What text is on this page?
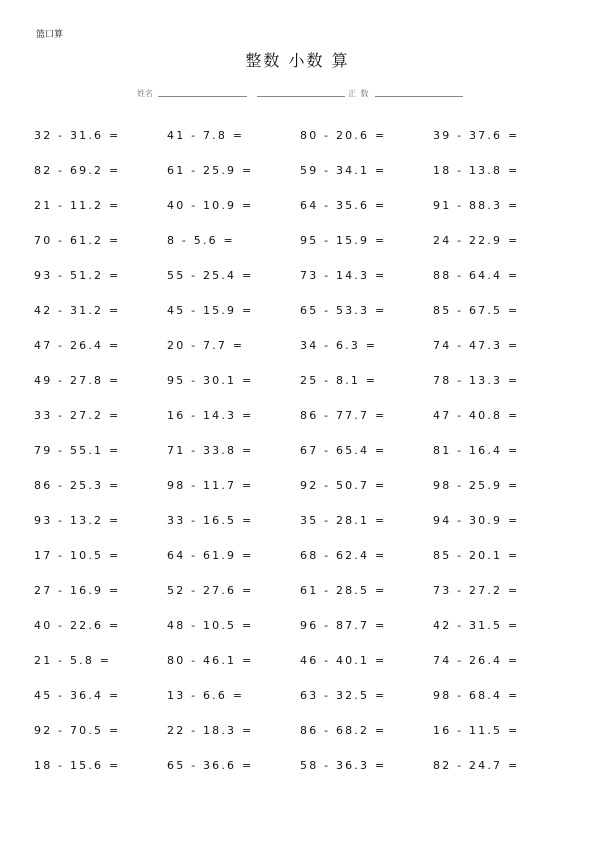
篮口算
整数 小数 算
姓名	正 数
32 - 31.6 =	41 - 7.8 =	80 - 20.6 =	39 - 37.6 =
82 - 69.2 =	61 - 25.9 =	59 - 34.1 =	18 - 13.8 =
21 - 11.2 =	40 - 10.9 =	64 - 35.6 =	91 - 88.3 =
70 - 61.2 =	8 - 5.6 =	95 - 15.9 =	24 - 22.9 =
93 - 51.2 =	55 - 25.4 =	73 - 14.3 =	88 - 64.4 =
42 - 31.2 =	45 - 15.9 =	65 - 53.3 =	85 - 67.5 =
47 - 26.4 =	20 - 7.7 =	34 - 6.3 =	74 - 47.3 =
49 - 27.8 =	95 - 30.1 =	25 - 8.1 =	78 - 13.3 =
33 - 27.2 =	16 - 14.3 =	86 - 77.7 =	47 - 40.8 =
79 - 55.1 =	71 - 33.8 =	67 - 65.4 =	81 - 16.4 =
86 - 25.3 =	98 - 11.7 =	92 - 50.7 =	98 - 25.9 =
93 - 13.2 =	33 - 16.5 =	35 - 28.1 =	94 - 30.9 =
17 - 10.5 =	64 - 61.9 =	68 - 62.4 =	85 - 20.1 =
27 - 16.9 =	52 - 27.6 =	61 - 28.5 =	73 - 27.2 =
40 - 22.6 =	48 - 10.5 =	96 - 87.7 =	42 - 31.5 =
21 - 5.8 =	80 - 46.1 =	46 - 40.1 =	74 - 26.4 =
45 - 36.4 =	13 - 6.6 =	63 - 32.5 =	98 - 68.4 =
92 - 70.5 =	22 - 18.3 =	86 - 68.2 =	16 - 11.5 =
18 - 15.6 =	65 - 36.6 =	58 - 36.3 =	82 - 24.7 =
